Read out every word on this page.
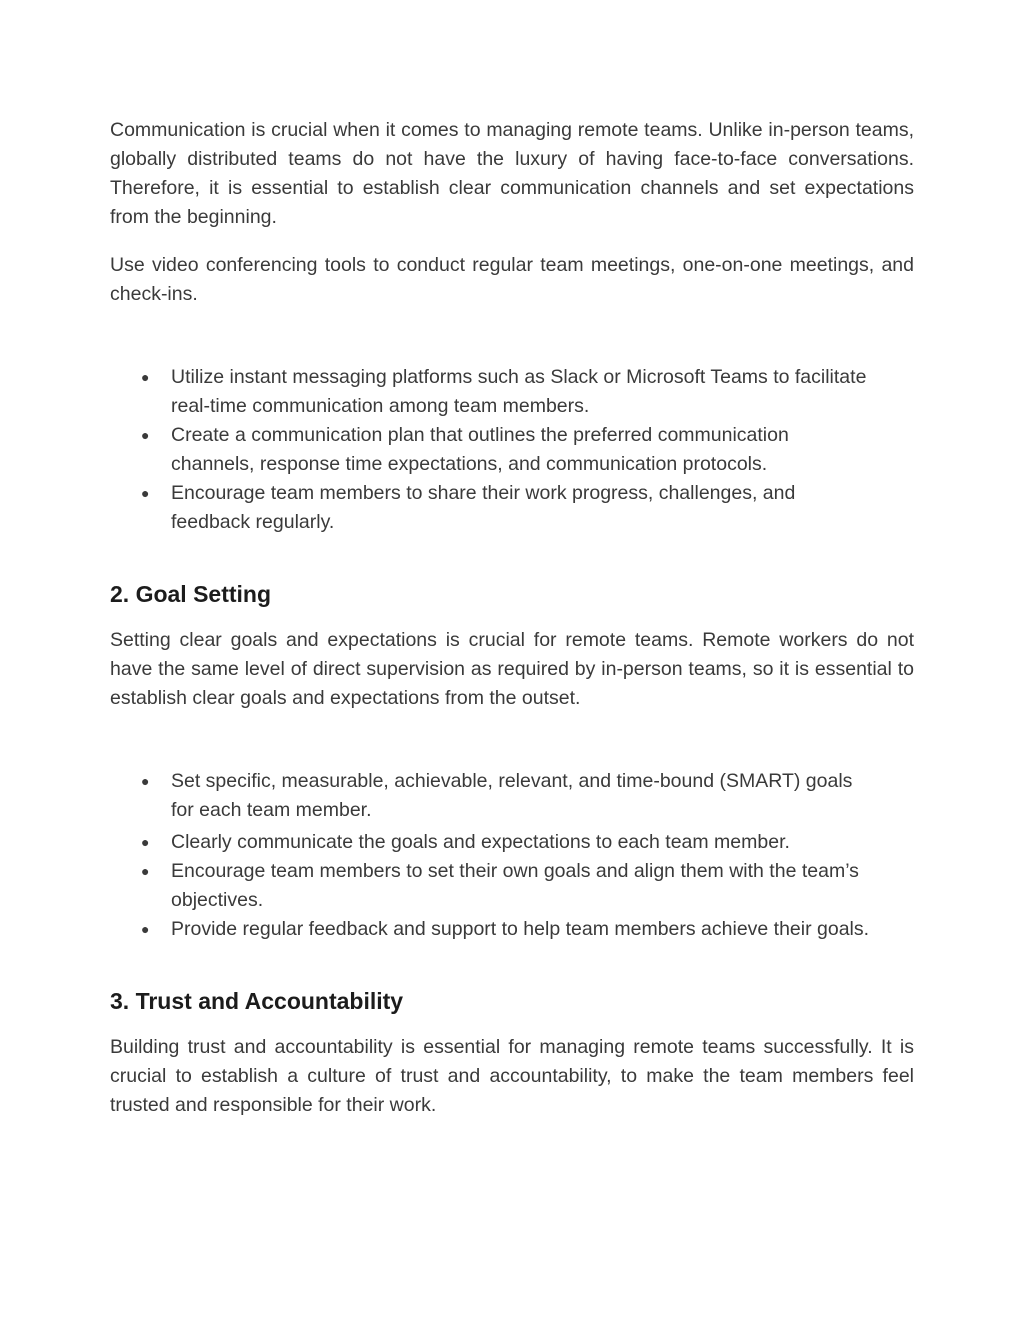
Communication is crucial when it comes to managing remote teams. Unlike in-person teams, globally distributed teams do not have the luxury of having face-to-face conversations. Therefore, it is essential to establish clear communication channels and set expectations from the beginning.

Use video conferencing tools to conduct regular team meetings, one-on-one meetings, and check-ins.

● Utilize instant messaging platforms such as Slack or Microsoft Teams to facilitate real-time communication among team members.
● Create a communication plan that outlines the preferred communication channels, response time expectations, and communication protocols.
● Encourage team members to share their work progress, challenges, and feedback regularly.
2. Goal Setting

Setting clear goals and expectations is crucial for remote teams. Remote workers do not have the same level of direct supervision as required by in-person teams, so it is essential to establish clear goals and expectations from the outset.

● Set specific, measurable, achievable, relevant, and time-bound (SMART) goals for each team member.
● Clearly communicate the goals and expectations to each team member.
● Encourage team members to set their own goals and align them with the team’s objectives.
● Provide regular feedback and support to help team members achieve their goals.
3. Trust and Accountability

Building trust and accountability is essential for managing remote teams successfully. It is crucial to establish a culture of trust and accountability, to make the team members feel trusted and responsible for their work.
